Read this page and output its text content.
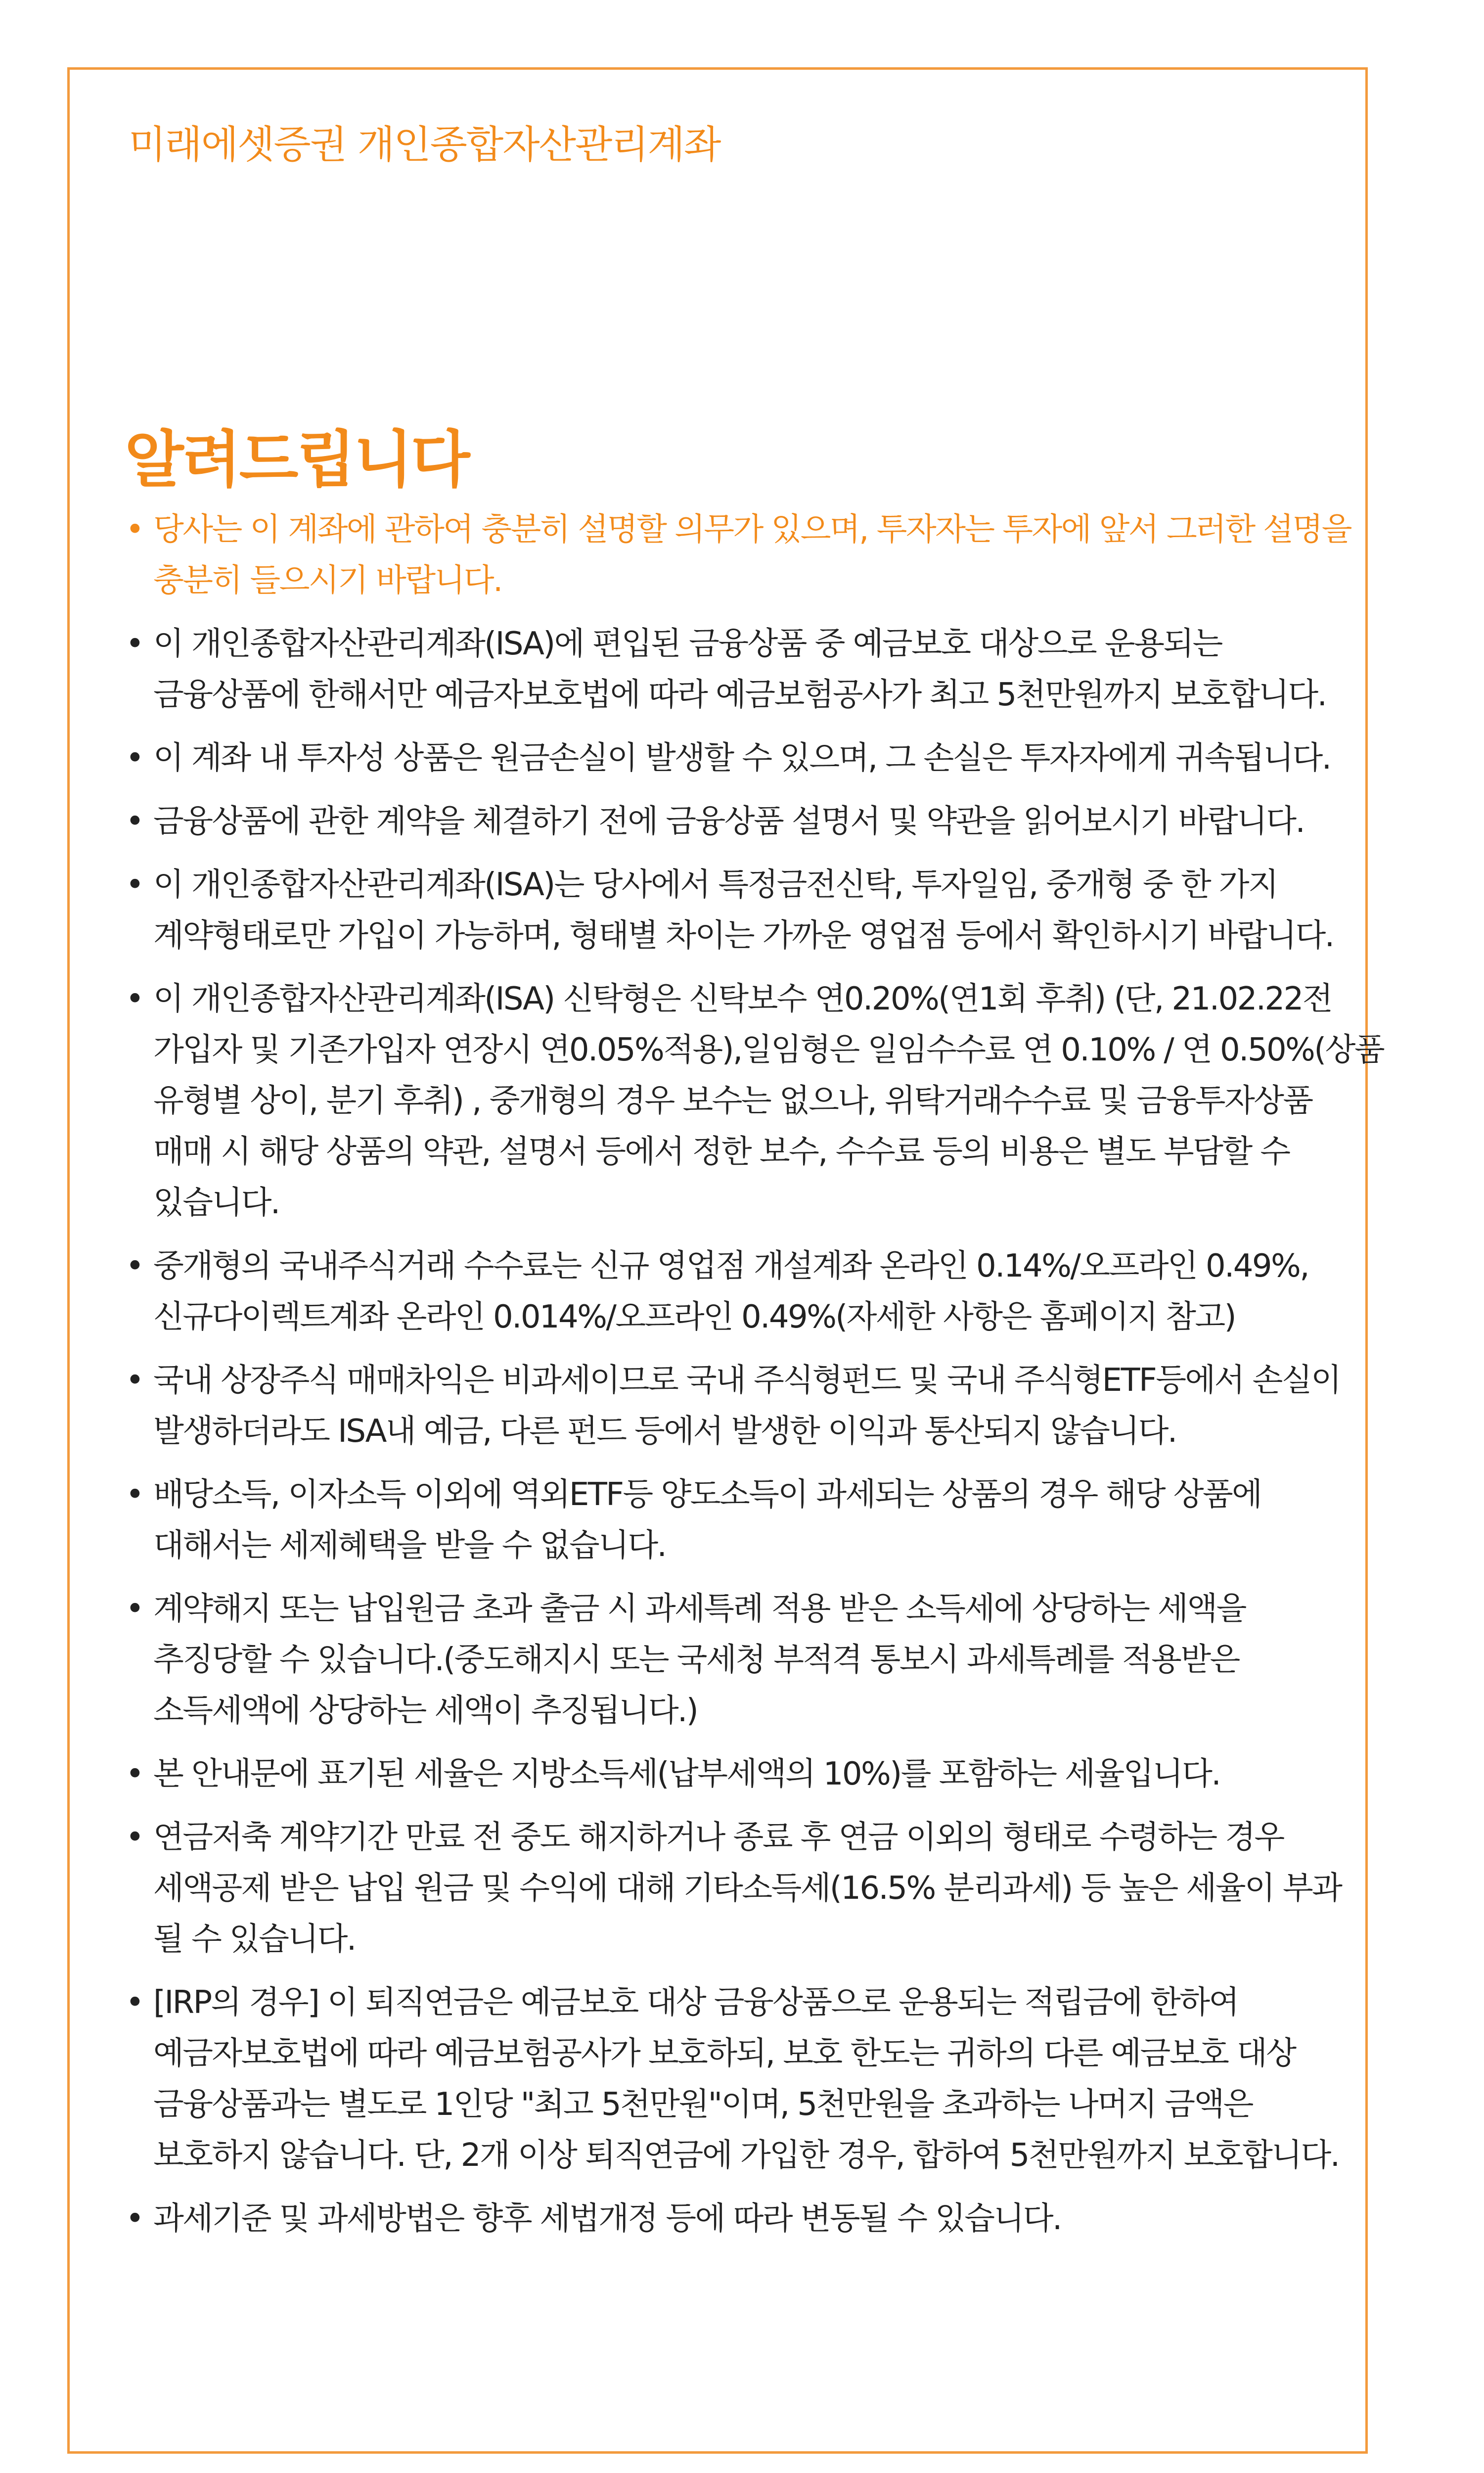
미래에셋증권 개인종합자산관리계좌
알려드립니다
• 당사는 이 계좌에 관하여 충분히 설명할 의무가 있으며, 투자자는 투자에 앞서 그러한 설명을
충분히 들으시기 바랍니다.
• 이 개인종합자산관리계좌(ISA)에 편입된 금융상품 중 예금보호 대상으로 운용되는
금융상품에 한해서만 예금자보호법에 따라 예금보험공사가 최고 5천만원까지 보호합니다.
• 이 계좌 내 투자성 상품은 원금손실이 발생할 수 있으며, 그 손실은 투자자에게 귀속됩니다.
• 금융상품에 관한 계약을 체결하기 전에 금융상품 설명서 및 약관을 읽어보시기 바랍니다.
• 이 개인종합자산관리계좌(ISA)는 당사에서 특정금전신탁, 투자일임, 중개형 중 한 가지
계약형태로만 가입이 가능하며, 형태별 차이는 가까운 영업점 등에서 확인하시기 바랍니다.
• 이 개인종합자산관리계좌(ISA) 신탁형은 신탁보수 연0.20%(연1회 후취) (단, 21.02.22전
가입자 및 기존가입자 연장시 연0.05%적용),일임형은 일임수수료 연 0.10% / 연 0.50%(상품
유형별 상이, 분기 후취) , 중개형의 경우 보수는 없으나, 위탁거래수수료 및 금융투자상품
매매 시 해당 상품의 약관, 설명서 등에서 정한 보수, 수수료 등의 비용은 별도 부담할 수
있습니다.
• 중개형의 국내주식거래 수수료는 신규 영업점 개설계좌 온라인 0.14%/오프라인 0.49%,
신규다이렉트계좌 온라인 0.014%/오프라인 0.49%(자세한 사항은 홈페이지 참고)
• 국내 상장주식 매매차익은 비과세이므로 국내 주식형펀드 및 국내 주식형ETF등에서 손실이
발생하더라도 ISA내 예금, 다른 펀드 등에서 발생한 이익과 통산되지 않습니다.
• 배당소득, 이자소득 이외에 역외ETF등 양도소득이 과세되는 상품의 경우 해당 상품에
대해서는 세제혜택을 받을 수 없습니다.
• 계약해지 또는 납입원금 초과 출금 시 과세특례 적용 받은 소득세에 상당하는 세액을
추징당할 수 있습니다.(중도해지시 또는 국세청 부적격 통보시 과세특례를 적용받은
소득세액에 상당하는 세액이 추징됩니다.)
• 본 안내문에 표기된 세율은 지방소득세(납부세액의 10%)를 포함하는 세율입니다.
• 연금저축 계약기간 만료 전 중도 해지하거나 종료 후 연금 이외의 형태로 수령하는 경우
세액공제 받은 납입 원금 및 수익에 대해 기타소득세(16.5% 분리과세) 등 높은 세율이 부과
될 수 있습니다.
• [IRP의 경우] 이 퇴직연금은 예금보호 대상 금융상품으로 운용되는 적립금에 한하여
예금자보호법에 따라 예금보험공사가 보호하되, 보호 한도는 귀하의 다른 예금보호 대상
금융상품과는 별도로 1인당 "최고 5천만원"이며, 5천만원을 초과하는 나머지 금액은
보호하지 않습니다. 단, 2개 이상 퇴직연금에 가입한 경우, 합하여 5천만원까지 보호합니다.
• 과세기준 및 과세방법은 향후 세법개정 등에 따라 변동될 수 있습니다.
